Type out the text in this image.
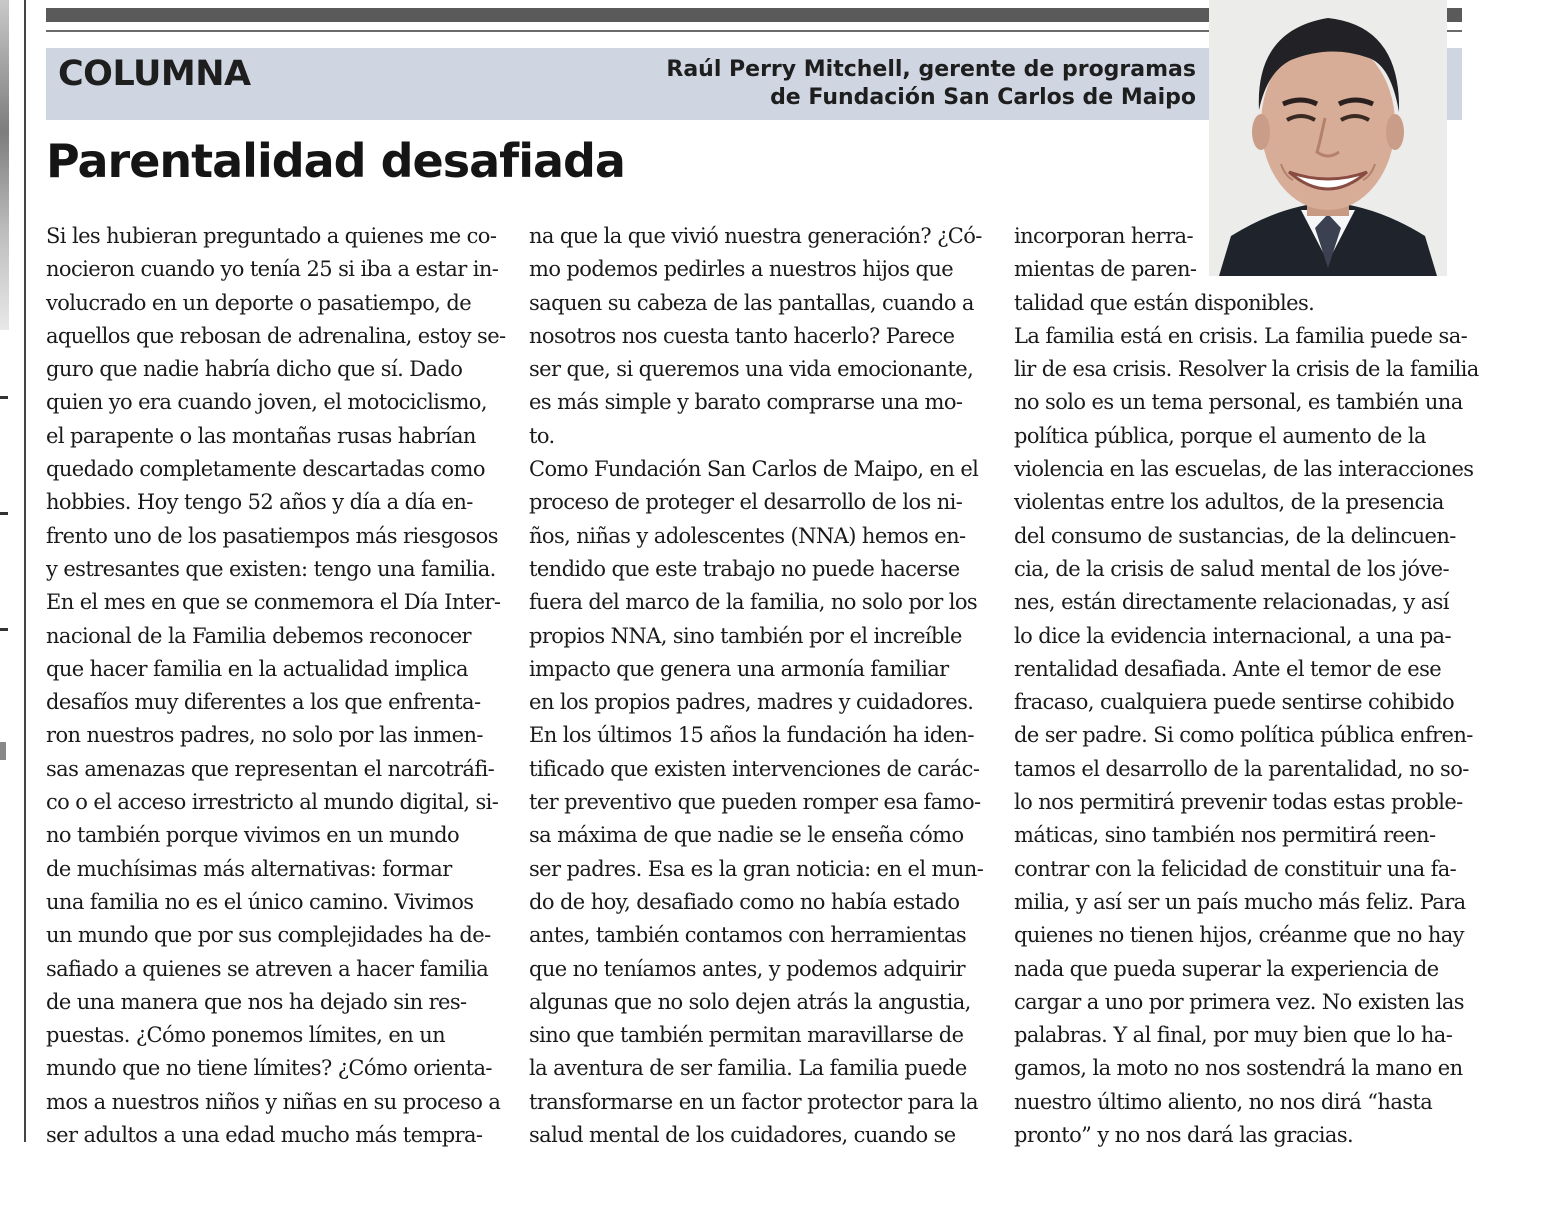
COLUMNA	Raúl Perry Mitchell, gerente de programas
de Fundación San Carlos de Maipo
Parentalidad desafiada

Si les hubieran preguntado a quienes me co-

nocieron cuando yo tenía 25 si iba a estar in-

volucrado en un deporte o pasatiempo, de

aquellos que rebosan de adrenalina, estoy se-

guro que nadie habría dicho que sí. Dado

quien yo era cuando joven, el motociclismo,

el parapente o las montañas rusas habrían

quedado completamente descartadas como

hobbies. Hoy tengo 52 años y día a día en-

frento uno de los pasatiempos más riesgosos

y estresantes que existen: tengo una familia.

En el mes en que se conmemora el Día Inter-

nacional de la Familia debemos reconocer

que hacer familia en la actualidad implica

desafíos muy diferentes a los que enfrenta-

ron nuestros padres, no solo por las inmen-

sas amenazas que representan el narcotráfi-

co o el acceso irrestricto al mundo digital, si-

no también porque vivimos en un mundo

de muchísimas más alternativas: formar

una familia no es el único camino. Vivimos

un mundo que por sus complejidades ha de-

safiado a quienes se atreven a hacer familia

de una manera que nos ha dejado sin res-

puestas. ¿Cómo ponemos límites, en un

mundo que no tiene límites? ¿Cómo orienta-

mos a nuestros niños y niñas en su proceso a

ser adultos a una edad mucho más tempra-

na que la que vivió nuestra generación? ¿Có-

mo podemos pedirles a nuestros hijos que

saquen su cabeza de las pantallas, cuando a

nosotros nos cuesta tanto hacerlo? Parece

ser que, si queremos una vida emocionante,

es más simple y barato comprarse una mo-

to.

Como Fundación San Carlos de Maipo, en el

proceso de proteger el desarrollo de los ni-

ños, niñas y adolescentes (NNA) hemos en-

tendido que este trabajo no puede hacerse

fuera del marco de la familia, no solo por los

propios NNA, sino también por el increíble

impacto que genera una armonía familiar

en los propios padres, madres y cuidadores.

En los últimos 15 años la fundación ha iden-

tificado que existen intervenciones de carác-

ter preventivo que pueden romper esa famo-

sa máxima de que nadie se le enseña cómo

ser padres. Esa es la gran noticia: en el mun-

do de hoy, desafiado como no había estado

antes, también contamos con herramientas

que no teníamos antes, y podemos adquirir

algunas que no solo dejen atrás la angustia,

sino que también permitan maravillarse de

la aventura de ser familia. La familia puede

transformarse en un factor protector para la

salud mental de los cuidadores, cuando se

incorporan herra-

mientas de paren-

talidad que están disponibles.

La familia está en crisis. La familia puede sa-

lir de esa crisis. Resolver la crisis de la familia

no solo es un tema personal, es también una

política pública, porque el aumento de la

violencia en las escuelas, de las interacciones

violentas entre los adultos, de la presencia

del consumo de sustancias, de la delincuen-

cia, de la crisis de salud mental de los jóve-

nes, están directamente relacionadas, y así

lo dice la evidencia internacional, a una pa-

rentalidad desafiada. Ante el temor de ese

fracaso, cualquiera puede sentirse cohibido

de ser padre. Si como política pública enfren-

tamos el desarrollo de la parentalidad, no so-

lo nos permitirá prevenir todas estas proble-

máticas, sino también nos permitirá reen-

contrar con la felicidad de constituir una fa-

milia, y así ser un país mucho más feliz. Para

quienes no tienen hijos, créanme que no hay

nada que pueda superar la experiencia de

cargar a uno por primera vez. No existen las

palabras. Y al final, por muy bien que lo ha-

gamos, la moto no nos sostendrá la mano en

nuestro último aliento, no nos dirá “hasta

pronto” y no nos dará las gracias.
